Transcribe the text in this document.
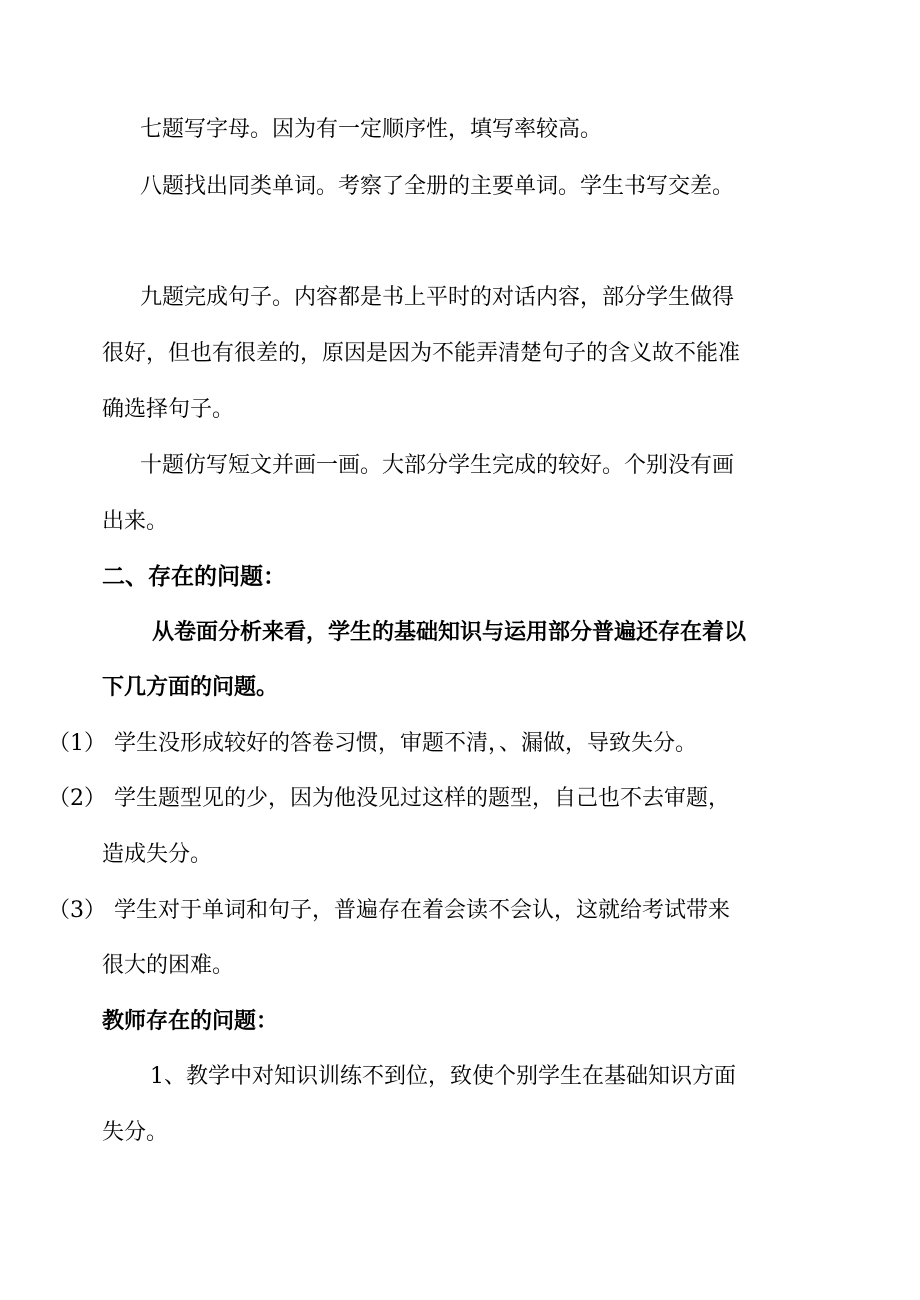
七题写字母。因为有一定顺序性，填写率较高。
八题找出同类单词。考察了全册的主要单词。学生书写交差。
九题完成句子。内容都是书上平时的对话内容，部分学生做得
很好，但也有很差的，原因是因为不能弄清楚句子的含义故不能准
确选择句子。
十题仿写短文并画一画。大部分学生完成的较好。个别没有画
出来。
二、存在的问题：
从卷面分析来看，学生的基础知识与运用部分普遍还存在着以
下几方面的问题。
（1） 学生没形成较好的答卷习惯，审题不清，、漏做，导致失分。
（2） 学生题型见的少，因为他没见过这样的题型，自己也不去审题，
造成失分。
（3） 学生对于单词和句子，普遍存在着会读不会认，这就给考试带来
很大的困难。
教师存在的问题：
1、教学中对知识训练不到位，致使个别学生在基础知识方面
失分。
